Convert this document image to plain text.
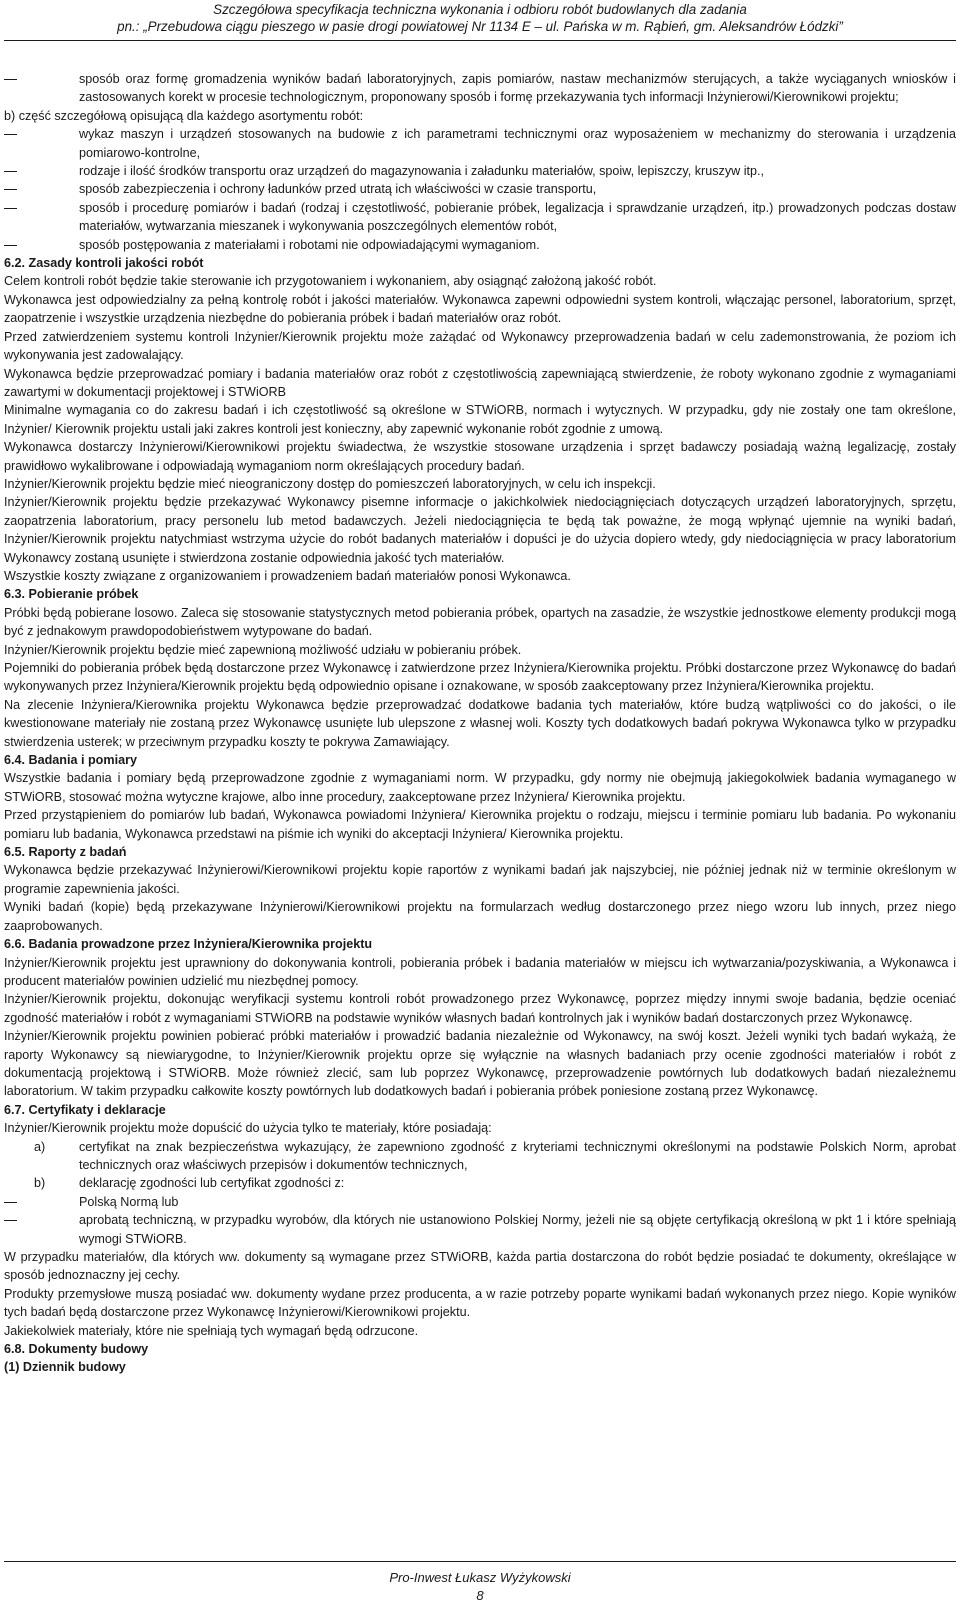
Szczegółowa specyfikacja techniczna wykonania i odbioru robót budowlanych dla zadania
pn.: „Przebudowa ciągu pieszego w pasie drogi powiatowej Nr 1134 E – ul. Pańska w m. Rąbień, gm. Aleksandrów Łódzki”

sposób oraz formę gromadzenia wyników badań laboratoryjnych, zapis pomiarów, nastaw mechanizmów sterujących, a także wyciąganych wniosków i zastosowanych korekt w procesie technologicznym, proponowany sposób i formę przekazywania tych informacji Inżynierowi/Kierownikowi projektu;

b) część szczegółową opisującą dla każdego asortymentu robót:

wykaz maszyn i urządzeń stosowanych na budowie z ich parametrami technicznymi oraz wyposażeniem w mechanizmy do sterowania i urządzenia pomiarowo-kontrolne,

rodzaje i ilość środków transportu oraz urządzeń do magazynowania i załadunku materiałów, spoiw, lepiszczy, kruszyw itp.,

sposób zabezpieczenia i ochrony ładunków przed utratą ich właściwości w czasie transportu,

sposób i procedurę pomiarów i badań (rodzaj i częstotliwość, pobieranie próbek, legalizacja i sprawdzanie urządzeń, itp.) prowadzonych podczas dostaw materiałów, wytwarzania mieszanek i wykonywania poszczególnych elementów robót,

sposób postępowania z materiałami i robotami nie odpowiadającymi wymaganiom.

6.2. Zasady kontroli jakości robót

Celem kontroli robót będzie takie sterowanie ich przygotowaniem i wykonaniem, aby osiągnąć założoną jakość robót.

Wykonawca jest odpowiedzialny za pełną kontrolę robót i jakości materiałów. Wykonawca zapewni odpowiedni system kontroli, włączając personel, laboratorium, sprzęt, zaopatrzenie i wszystkie urządzenia niezbędne do pobierania próbek i badań materiałów oraz robót.

Przed zatwierdzeniem systemu kontroli Inżynier/Kierownik projektu może zażądać od Wykonawcy przeprowadzenia badań w celu zademonstrowania, że poziom ich wykonywania jest zadowalający.

Wykonawca będzie przeprowadzać pomiary i badania materiałów oraz robót z częstotliwością zapewniającą stwierdzenie, że roboty wykonano zgodnie z wymaganiami zawartymi w dokumentacji projektowej i STWiORB

Minimalne wymagania co do zakresu badań i ich częstotliwość są określone w STWiORB, normach i wytycznych. W przypadku, gdy nie zostały one tam określone, Inżynier/ Kierownik projektu ustali jaki zakres kontroli jest konieczny, aby zapewnić wykonanie robót zgodnie z umową.

Wykonawca dostarczy Inżynierowi/Kierownikowi projektu świadectwa, że wszystkie stosowane urządzenia i sprzęt badawczy posiadają ważną legalizację, zostały prawidłowo wykalibrowane i odpowiadają wymaganiom norm określających procedury badań.

Inżynier/Kierownik projektu będzie mieć nieograniczony dostęp do pomieszczeń laboratoryjnych, w celu ich inspekcji.

Inżynier/Kierownik projektu będzie przekazywać Wykonawcy pisemne informacje o jakichkolwiek niedociągnięciach dotyczących urządzeń laboratoryjnych, sprzętu, zaopatrzenia laboratorium, pracy personelu lub metod badawczych. Jeżeli niedociągnięcia te będą tak poważne, że mogą wpłynąć ujemnie na wyniki badań, Inżynier/Kierownik projektu natychmiast wstrzyma użycie do robót badanych materiałów i dopuści je do użycia dopiero wtedy, gdy niedociągnięcia w pracy laboratorium Wykonawcy zostaną usunięte i stwierdzona zostanie odpowiednia jakość tych materiałów.

Wszystkie koszty związane z organizowaniem i prowadzeniem badań materiałów ponosi Wykonawca.

6.3. Pobieranie próbek

Próbki będą pobierane losowo. Zaleca się stosowanie statystycznych metod pobierania próbek, opartych na zasadzie, że wszystkie jednostkowe elementy produkcji mogą być z jednakowym prawdopodobieństwem wytypowane do badań.

Inżynier/Kierownik projektu będzie mieć zapewnioną możliwość udziału w pobieraniu próbek.

Pojemniki do pobierania próbek będą dostarczone przez Wykonawcę i zatwierdzone przez Inżyniera/Kierownika projektu. Próbki dostarczone przez Wykonawcę do badań wykonywanych przez Inżyniera/Kierownik projektu będą odpowiednio opisane i oznakowane, w sposób zaakceptowany przez Inżyniera/Kierownika projektu.

Na zlecenie Inżyniera/Kierownika projektu Wykonawca będzie przeprowadzać dodatkowe badania tych materiałów, które budzą wątpliwości co do jakości, o ile kwestionowane materiały nie zostaną przez Wykonawcę usunięte lub ulepszone z własnej woli. Koszty tych dodatkowych badań pokrywa Wykonawca tylko w przypadku stwierdzenia usterek; w przeciwnym przypadku koszty te pokrywa Zamawiający.

6.4. Badania i pomiary

Wszystkie badania i pomiary będą przeprowadzone zgodnie z wymaganiami norm. W przypadku, gdy normy nie obejmują jakiegokolwiek badania wymaganego w STWiORB, stosować można wytyczne krajowe, albo inne procedury, zaakceptowane przez Inżyniera/ Kierownika projektu.

Przed przystąpieniem do pomiarów lub badań, Wykonawca powiadomi Inżyniera/ Kierownika projektu o rodzaju, miejscu i terminie pomiaru lub badania. Po wykonaniu pomiaru lub badania, Wykonawca przedstawi na piśmie ich wyniki do akceptacji Inżyniera/ Kierownika projektu.

6.5. Raporty z badań

Wykonawca będzie przekazywać Inżynierowi/Kierownikowi projektu kopie raportów z wynikami badań jak najszybciej, nie później jednak niż w terminie określonym w programie zapewnienia jakości.

Wyniki badań (kopie) będą przekazywane Inżynierowi/Kierownikowi projektu na formularzach według dostarczonego przez niego wzoru lub innych, przez niego zaaprobowanych.

6.6. Badania prowadzone przez Inżyniera/Kierownika projektu

Inżynier/Kierownik projektu jest uprawniony do dokonywania kontroli, pobierania próbek i badania materiałów w miejscu ich wytwarzania/pozyskiwania, a Wykonawca i producent materiałów powinien udzielić mu niezbędnej pomocy.

Inżynier/Kierownik projektu, dokonując weryfikacji systemu kontroli robót prowadzonego przez Wykonawcę, poprzez między innymi swoje badania, będzie oceniać zgodność materiałów i robót z wymaganiami STWiORB na podstawie wyników własnych badań kontrolnych jak i wyników badań dostarczonych przez Wykonawcę.

Inżynier/Kierownik projektu powinien pobierać próbki materiałów i prowadzić badania niezależnie od Wykonawcy, na swój koszt. Jeżeli wyniki tych badań wykażą, że raporty Wykonawcy są niewiarygodne, to Inżynier/Kierownik projektu oprze się wyłącznie na własnych badaniach przy ocenie zgodności materiałów i robót z dokumentacją projektową i STWiORB. Może również zlecić, sam lub poprzez Wykonawcę, przeprowadzenie powtórnych lub dodatkowych badań niezależnemu laboratorium. W takim przypadku całkowite koszty powtórnych lub dodatkowych badań i pobierania próbek poniesione zostaną przez Wykonawcę.

6.7. Certyfikaty i deklaracje

Inżynier/Kierownik projektu może dopuścić do użycia tylko te materiały, które posiadają:

a)	certyfikat na znak bezpieczeństwa wykazujący, że zapewniono zgodność z kryteriami technicznymi określonymi na podstawie Polskich Norm, aprobat technicznych oraz właściwych przepisów i dokumentów technicznych,

b)	deklarację zgodności lub certyfikat zgodności z:

Polską Normą lub

aprobatą techniczną, w przypadku wyrobów, dla których nie ustanowiono Polskiej Normy, jeżeli nie są objęte certyfikacją określoną w pkt 1 i które spełniają wymogi STWiORB.

W przypadku materiałów, dla których ww. dokumenty są wymagane przez STWiORB, każda partia dostarczona do robót będzie posiadać te dokumenty, określające w sposób jednoznaczny jej cechy.

Produkty przemysłowe muszą posiadać ww. dokumenty wydane przez producenta, a w razie potrzeby poparte wynikami badań wykonanych przez niego. Kopie wyników tych badań będą dostarczone przez Wykonawcę Inżynierowi/Kierownikowi projektu.

Jakiekolwiek materiały, które nie spełniają tych wymagań będą odrzucone.

6.8. Dokumenty budowy

(1) Dziennik budowy

Pro-Inwest Łukasz Wyżykowski
8
